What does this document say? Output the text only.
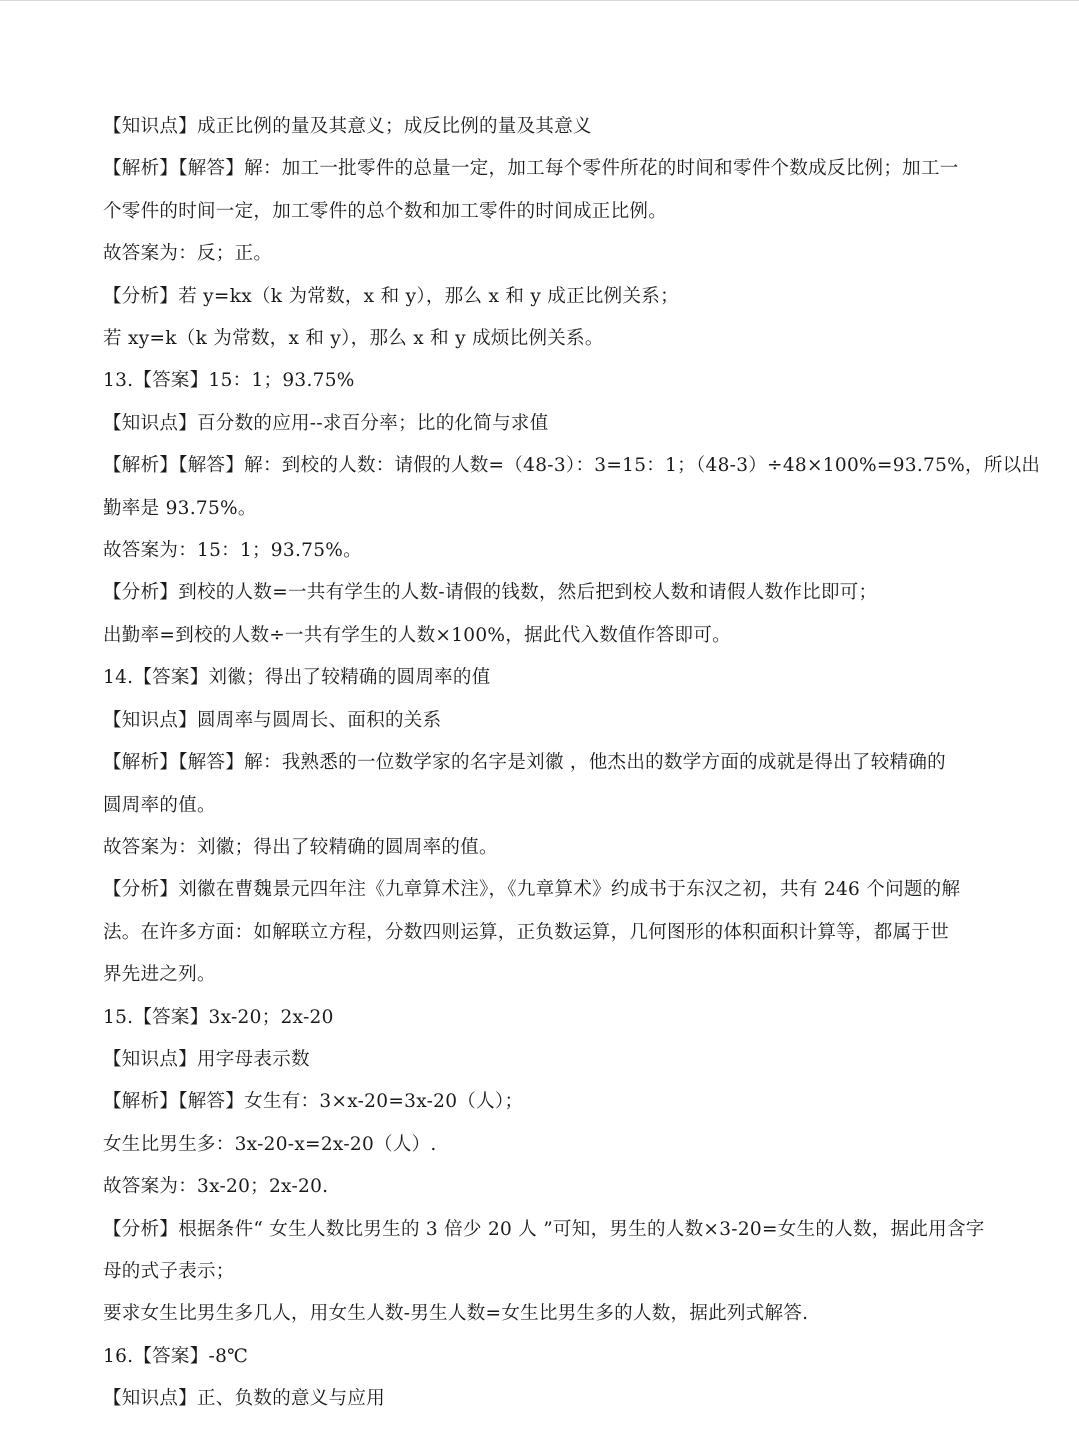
【知识点】成正比例的量及其意义；成反比例的量及其意义

【解析】【解答】解：加工一批零件的总量一定，加工每个零件所花的时间和零件个数成反比例；加工一

个零件的时间一定，加工零件的总个数和加工零件的时间成正比例。

故答案为：反；正。

【分析】若 y=kx（k 为常数，x 和 y），那么 x 和 y 成正比例关系；

若 xy=k（k 为常数，x 和 y），那么 x 和 y 成烦比例关系。

13.【答案】15：1；93.75%

【知识点】百分数的应用--求百分率；比的化简与求值

【解析】【解答】解：到校的人数：请假的人数=（48-3）：3=15：1；（48-3）÷48×100%=93.75%，所以出

勤率是 93.75%。

故答案为：15：1；93.75%。

【分析】到校的人数=一共有学生的人数-请假的钱数，然后把到校人数和请假人数作比即可；

出勤率=到校的人数÷一共有学生的人数×100%，据此代入数值作答即可。

14.【答案】刘徽；得出了较精确的圆周率的值

【知识点】圆周率与圆周长、面积的关系

【解析】【解答】解：我熟悉的一位数学家的名字是刘徽 ，他杰出的数学方面的成就是得出了较精确的

圆周率的值。

故答案为：刘徽；得出了较精确的圆周率的值。

【分析】刘徽在曹魏景元四年注《九章算术注》，《九章算术》约成书于东汉之初，共有 246 个问题的解

法。在许多方面：如解联立方程，分数四则运算，正负数运算，几何图形的体积面积计算等，都属于世

界先进之列。

15.【答案】3x-20；2x-20

【知识点】用字母表示数

【解析】【解答】女生有：3×x-20=3x-20（人）；

女生比男生多：3x-20-x=2x-20（人）.

故答案为：3x-20；2x-20.

【分析】根据条件“ 女生人数比男生的 3 倍少 20 人 ”可知，男生的人数×3-20=女生的人数，据此用含字

母的式子表示；

要求女生比男生多几人，用女生人数-男生人数=女生比男生多的人数，据此列式解答.

16.【答案】-8℃

【知识点】正、负数的意义与应用
